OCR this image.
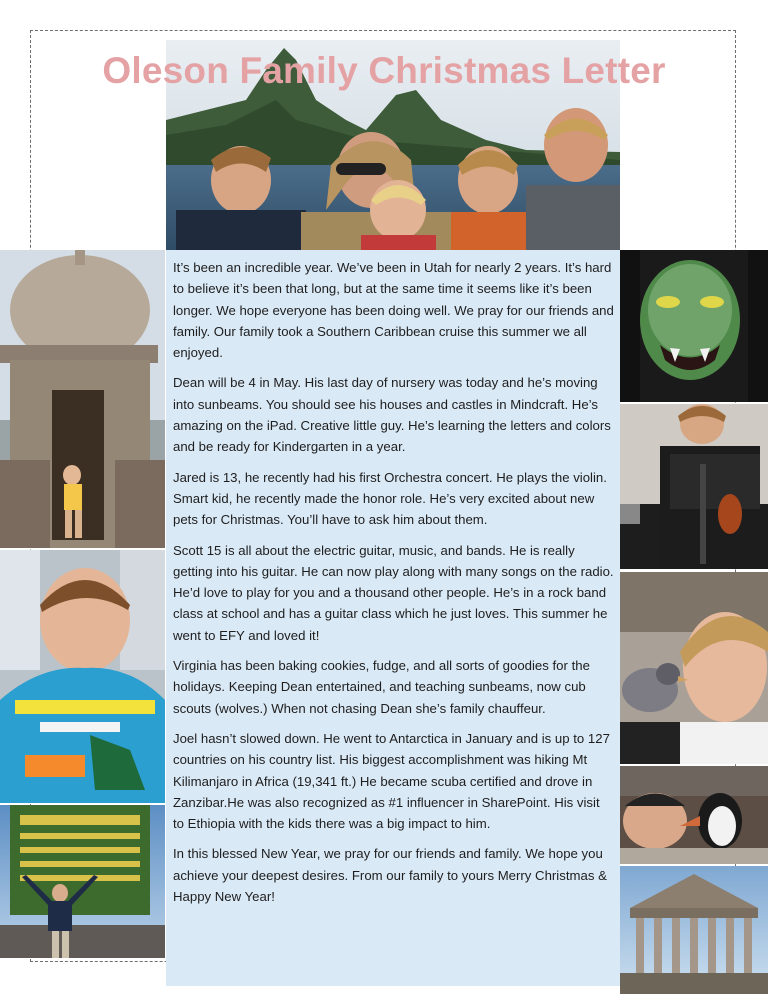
Oleson Family Christmas Letter

It’s been an incredible year. We’ve been in Utah for nearly 2 years. It’s hard to believe it’s been that long, but at the same time it seems like it’s been longer. We hope everyone has been doing well. We pray for our friends and family. Our family took a Southern Caribbean cruise this summer we all enjoyed.

Dean will be 4 in May. His last day of nursery was today and he’s moving into sunbeams. You should see his houses and castles in Mindcraft. He’s amazing on the iPad. Creative little guy. He’s learning the letters and colors and be ready for Kindergarten in a year.

Jared is 13, he recently had his first Orchestra concert. He plays the violin. Smart kid, he recently made the honor role. He’s very excited about new pets for Christmas. You’ll have to ask him about them.

Scott 15 is all about the electric guitar, music, and bands. He is really getting into his guitar. He can now play along with many songs on the radio. He’d love to play for you and a thousand other people. He’s in a rock band class at school and has a guitar class which he just loves. This summer he went to EFY and loved it!

Virginia has been baking cookies, fudge, and all sorts of goodies for the holidays. Keeping Dean entertained, and teaching sunbeams, now cub scouts (wolves.) When not chasing Dean she’s family chauffeur.

Joel hasn’t slowed down. He went to Antarctica in January and is up to 127 countries on his country list. His biggest accomplishment was hiking Mt Kilimanjaro in Africa (19,341 ft.) He became scuba certified and drove in Zanzibar.He was also recognized as #1 influencer in SharePoint. His visit to Ethiopia with the kids there was a big impact to him.

In this blessed New Year, we pray for our friends and family. We hope you achieve your deepest desires. From our family to yours Merry Christmas & Happy New Year!
